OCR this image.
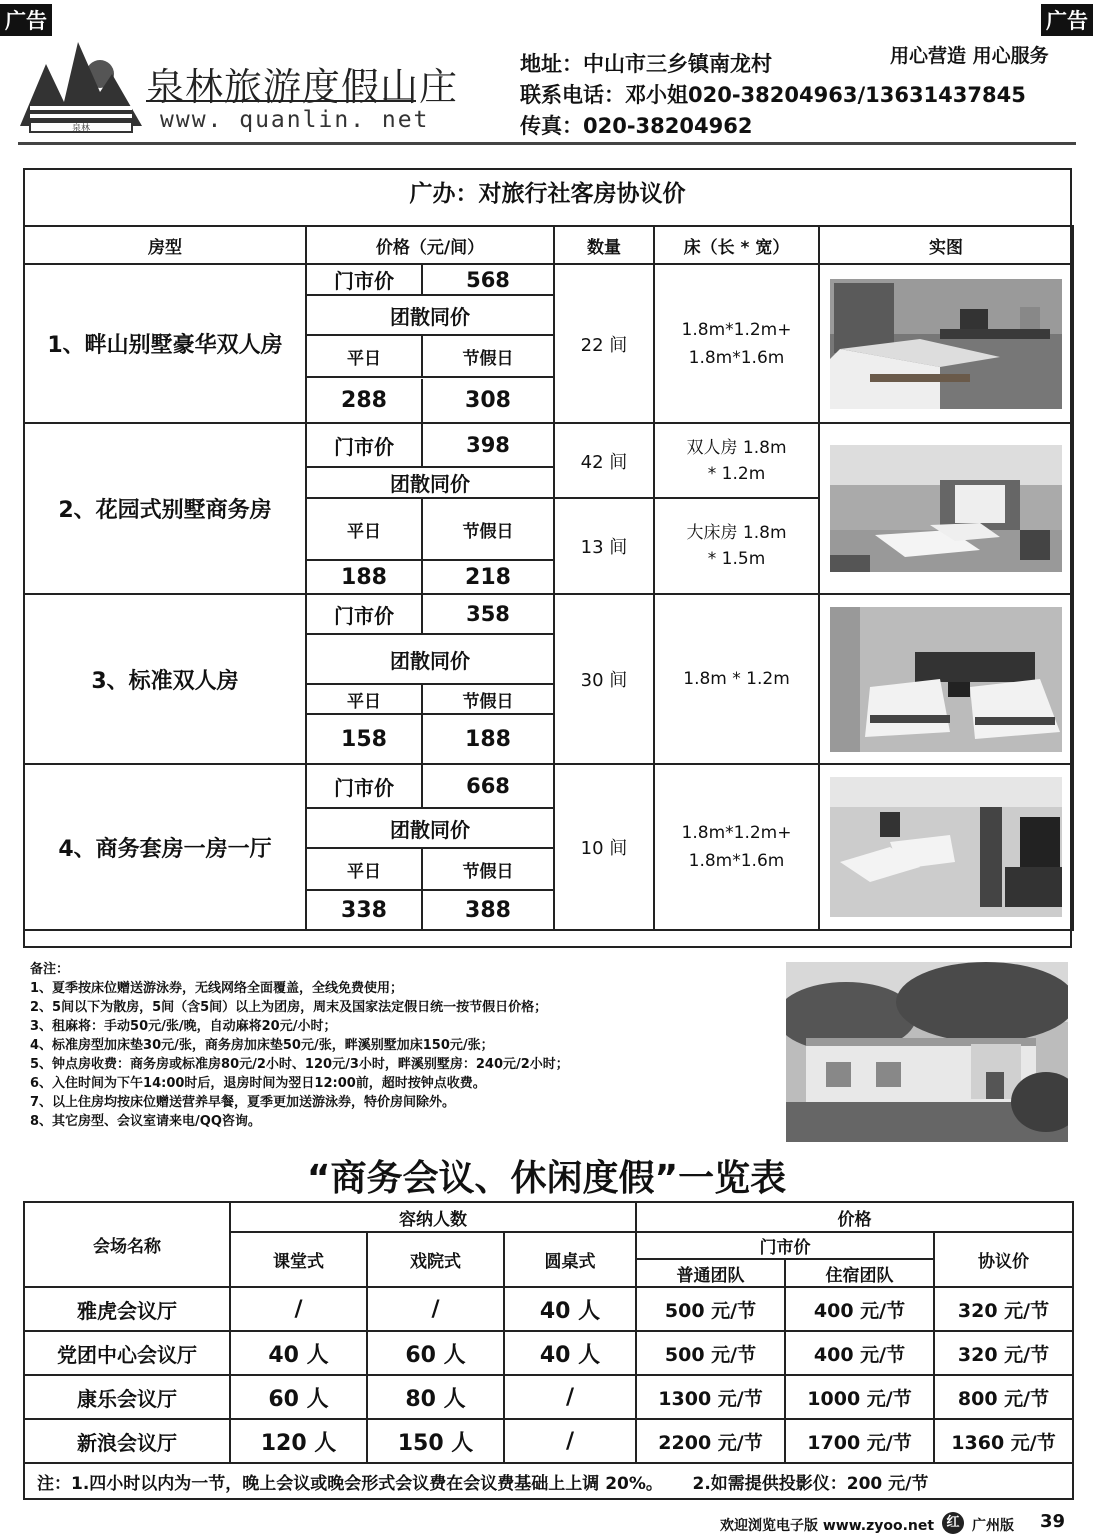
广告	广告
泉林
泉林旅游度假山庄
www. quanlin. net
地址：中山市三乡镇南龙村
联系电话：邓小姐020-38204963/13631437845
传真：020-38204962
用心营造 用心服务
广办：对旅行社客房协议价
房型	价格（元/间）		数量	床（长 * 宽）	实图
1、畔山别墅豪华双人房	门市价	568	22 间	1.8m*1.2m+ 1.8m*1.6m	

	团散同价				
	平日	节假日			

	288	308			
2、花园式别墅商务房	门市价	398	42 间	双人房 1.8m * 1.2m	

	团散同价				
	平日	节假日	13 间	大床房 1.8m * 1.5m	
	188	218			
3、标准双人房	门市价	358	30 间	1.8m * 1.2m	

	团散同价				
	平日	节假日			
	158	188			
4、商务套房一房一厅	门市价	668	10 间	1.8m*1.2m+ 1.8m*1.6m	

	团散同价				
	平日	节假日			
	338	388			
备注：
1、夏季按床位赠送游泳券，无线网络全面覆盖，全线免费使用；
2、5间以下为散房，5间（含5间）以上为团房，周末及国家法定假日统一按节假日价格；
3、租麻将：手动50元/张/晚，自动麻将20元/小时；
4、标准房型加床垫30元/张，商务房加床垫50元/张，畔溪别墅加床150元/张；
5、钟点房收费：商务房或标准房80元/2小时、120元/3小时，畔溪别墅房：240元/2小时；
6、入住时间为下午14:00时后，退房时间为翌日12:00前，超时按钟点收费。
7、以上住房均按床位赠送营养早餐，夏季更加送游泳券，特价房间除外。
8、其它房型、会议室请来电/QQ咨询。
“商务会议、休闲度假”一览表
会场名称	容纳人数			价格		
	课堂式	戏院式	圆桌式	门市价		协议价
				普通团队	住宿团队	
雅虎会议厅	/	/	40 人	500 元/节	400 元/节	320 元/节
党团中心会议厅	40 人	60 人	40 人	500 元/节	400 元/节	320 元/节
康乐会议厅	60 人	80 人	/	1300 元/节	1000 元/节	800 元/节
新浪会议厅	120 人	150 人	/	2200 元/节	1700 元/节	1360 元/节
注：1.四小时以内为一节，晚上会议或晚会形式会议费在会议费基础上上调 20%。     2.如需提供投影仪：200 元/节						
欢迎浏览电子版 www.zyoo.net 红 广州版 39
